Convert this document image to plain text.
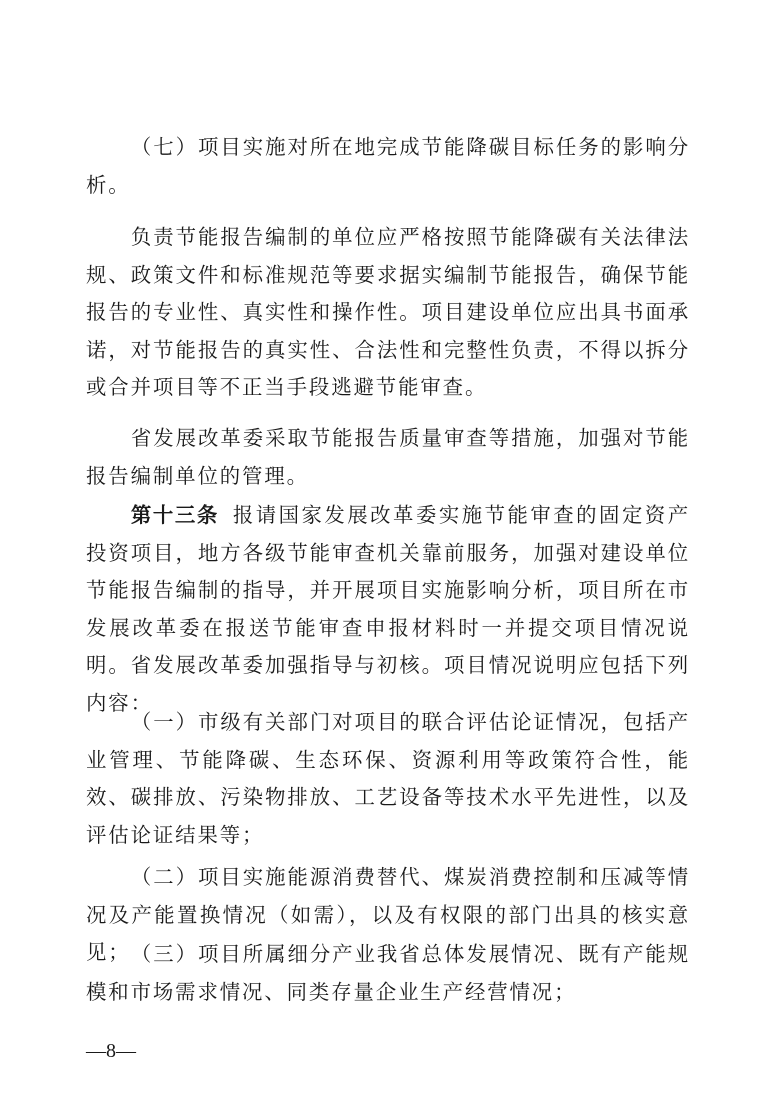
（七）项目实施对所在地完成节能降碳目标任务的影响分析。

负责节能报告编制的单位应严格按照节能降碳有关法律法规、政策文件和标准规范等要求据实编制节能报告，确保节能报告的专业性、真实性和操作性。项目建设单位应出具书面承诺，对节能报告的真实性、合法性和完整性负责，不得以拆分或合并项目等不正当手段逃避节能审查。

省发展改革委采取节能报告质量审查等措施，加强对节能报告编制单位的管理。

第十三条 报请国家发展改革委实施节能审查的固定资产投资项目，地方各级节能审查机关靠前服务，加强对建设单位节能报告编制的指导，并开展项目实施影响分析，项目所在市发展改革委在报送节能审查申报材料时一并提交项目情况说明。省发展改革委加强指导与初核。项目情况说明应包括下列内容：

（一）市级有关部门对项目的联合评估论证情况，包括产业管理、节能降碳、生态环保、资源利用等政策符合性，能效、碳排放、污染物排放、工艺设备等技术水平先进性，以及评估论证结果等；

（二）项目实施能源消费替代、煤炭消费控制和压减等情况及产能置换情况（如需），以及有权限的部门出具的核实意见； （三）项目所属细分产业我省总体发展情况、既有产能规模和市场需求情况、同类存量企业生产经营情况；

—8—
